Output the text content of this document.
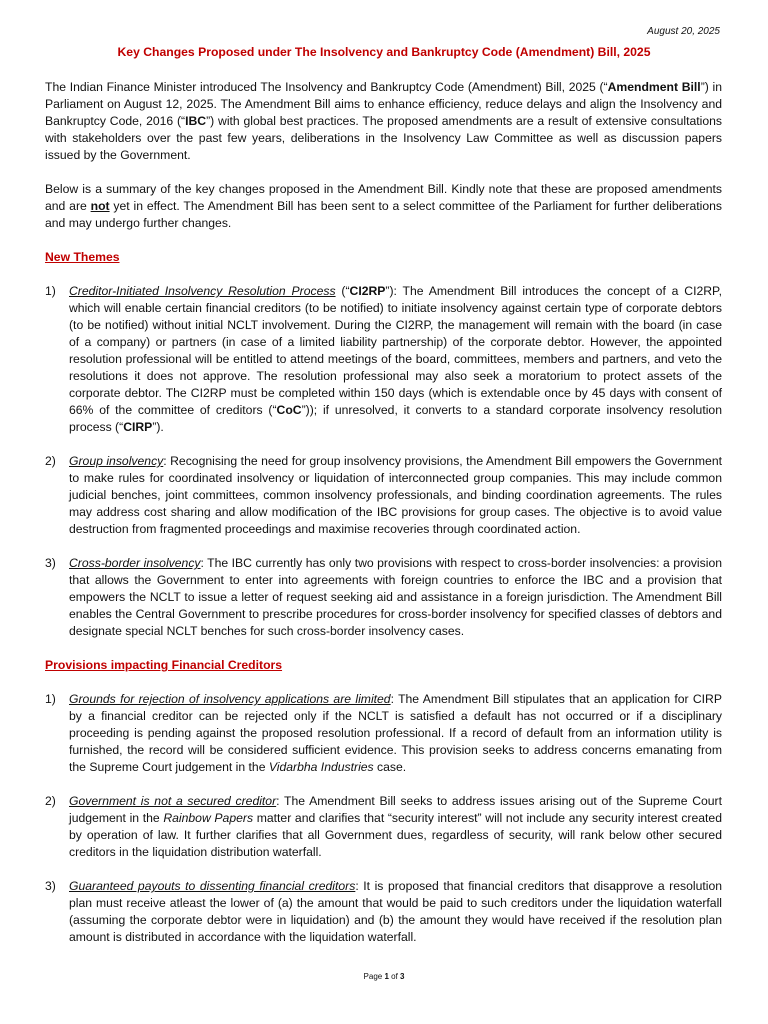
August 20, 2025
Key Changes Proposed under The Insolvency and Bankruptcy Code (Amendment) Bill, 2025

The Indian Finance Minister introduced The Insolvency and Bankruptcy Code (Amendment) Bill, 2025 (“Amendment Bill”) in Parliament on August 12, 2025. The Amendment Bill aims to enhance efficiency, reduce delays and align the Insolvency and Bankruptcy Code, 2016 (“IBC”) with global best practices. The proposed amendments are a result of extensive consultations with stakeholders over the past few years, deliberations in the Insolvency Law Committee as well as discussion papers issued by the Government.

Below is a summary of the key changes proposed in the Amendment Bill. Kindly note that these are proposed amendments and are not yet in effect. The Amendment Bill has been sent to a select committee of the Parliament for further deliberations and may undergo further changes.

New Themes
1) Creditor-Initiated Insolvency Resolution Process (“CI2RP”): The Amendment Bill introduces the concept of a CI2RP, which will enable certain financial creditors (to be notified) to initiate insolvency against certain type of corporate debtors (to be notified) without initial NCLT involvement. During the CI2RP, the management will remain with the board (in case of a company) or partners (in case of a limited liability partnership) of the corporate debtor. However, the appointed resolution professional will be entitled to attend meetings of the board, committees, members and partners, and veto the resolutions it does not approve. The resolution professional may also seek a moratorium to protect assets of the corporate debtor. The CI2RP must be completed within 150 days (which is extendable once by 45 days with consent of 66% of the committee of creditors (“CoC”)); if unresolved, it converts to a standard corporate insolvency resolution process (“CIRP”).
2) Group insolvency: Recognising the need for group insolvency provisions, the Amendment Bill empowers the Government to make rules for coordinated insolvency or liquidation of interconnected group companies. This may include common judicial benches, joint committees, common insolvency professionals, and binding coordination agreements. The rules may address cost sharing and allow modification of the IBC provisions for group cases. The objective is to avoid value destruction from fragmented proceedings and maximise recoveries through coordinated action.
3) Cross-border insolvency: The IBC currently has only two provisions with respect to cross-border insolvencies: a provision that allows the Government to enter into agreements with foreign countries to enforce the IBC and a provision that empowers the NCLT to issue a letter of request seeking aid and assistance in a foreign jurisdiction. The Amendment Bill enables the Central Government to prescribe procedures for cross-border insolvency for specified classes of debtors and designate special NCLT benches for such cross-border insolvency cases.
Provisions impacting Financial Creditors
1) Grounds for rejection of insolvency applications are limited: The Amendment Bill stipulates that an application for CIRP by a financial creditor can be rejected only if the NCLT is satisfied a default has not occurred or if a disciplinary proceeding is pending against the proposed resolution professional. If a record of default from an information utility is furnished, the record will be considered sufficient evidence. This provision seeks to address concerns emanating from the Supreme Court judgement in the Vidarbha Industries case.
2) Government is not a secured creditor: The Amendment Bill seeks to address issues arising out of the Supreme Court judgement in the Rainbow Papers matter and clarifies that “security interest” will not include any security interest created by operation of law. It further clarifies that all Government dues, regardless of security, will rank below other secured creditors in the liquidation distribution waterfall.
3) Guaranteed payouts to dissenting financial creditors: It is proposed that financial creditors that disapprove a resolution plan must receive atleast the lower of (a) the amount that would be paid to such creditors under the liquidation waterfall (assuming the corporate debtor were in liquidation) and (b) the amount they would have received if the resolution plan amount is distributed in accordance with the liquidation waterfall.
Page 1 of 3
